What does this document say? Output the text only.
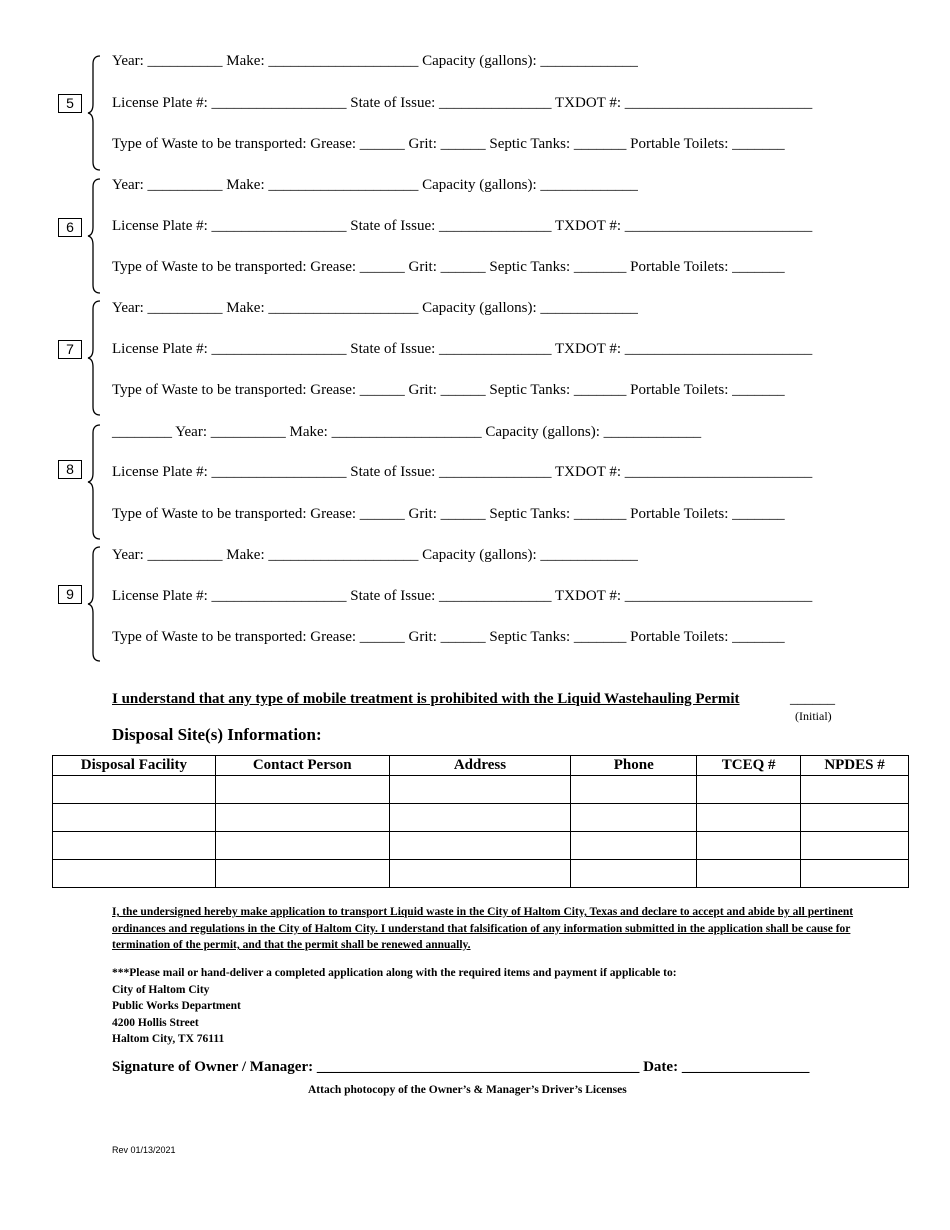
5
Year: __________ Make: ____________________ Capacity (gallons): _____________
License Plate #: __________________ State of Issue: _______________ TXDOT #: _________________________
Type of Waste to be transported: Grease: ______ Grit: ______ Septic Tanks: _______ Portable Toilets: _______
6
Year: __________ Make: ____________________ Capacity (gallons): _____________
License Plate #: __________________ State of Issue: _______________ TXDOT #: _________________________
Type of Waste to be transported: Grease: ______ Grit: ______ Septic Tanks: _______ Portable Toilets: _______
7
Year: __________ Make: ____________________ Capacity (gallons): _____________
License Plate #: __________________ State of Issue: _______________ TXDOT #: _________________________
Type of Waste to be transported: Grease: ______ Grit: ______ Septic Tanks: _______ Portable Toilets: _______
8
________ Year: __________ Make: ____________________ Capacity (gallons): _____________
License Plate #: __________________ State of Issue: _______________ TXDOT #: _________________________
Type of Waste to be transported: Grease: ______ Grit: ______ Septic Tanks: _______ Portable Toilets: _______
9
Year: __________ Make: ____________________ Capacity (gallons): _____________
License Plate #: __________________ State of Issue: _______________ TXDOT #: _________________________
Type of Waste to be transported: Grease: ______ Grit: ______ Septic Tanks: _______ Portable Toilets: _______
I understand that any type of mobile treatment is prohibited with the Liquid Wastehauling Permit	______
(Initial)
Disposal Site(s) Information:
Disposal Facility	Contact Person	Address	Phone	TCEQ #	NPDES #

I, the undersigned hereby make application to transport Liquid waste in the City of Haltom City, Texas and declare to accept and abide by all pertinent ordinances and regulations in the City of Haltom City. I understand that falsification of any information submitted in the application shall be cause for termination of the permit, and that the permit shall be renewed annually.
***Please mail or hand-deliver a completed application along with the required items and payment if applicable to:
City of Haltom City
Public Works Department
4200 Hollis Street
Haltom City, TX 76111
Signature of Owner / Manager: ___________________________________________ Date: _________________
Attach photocopy of the Owner’s & Manager’s Driver’s Licenses
Rev 01/13/2021
